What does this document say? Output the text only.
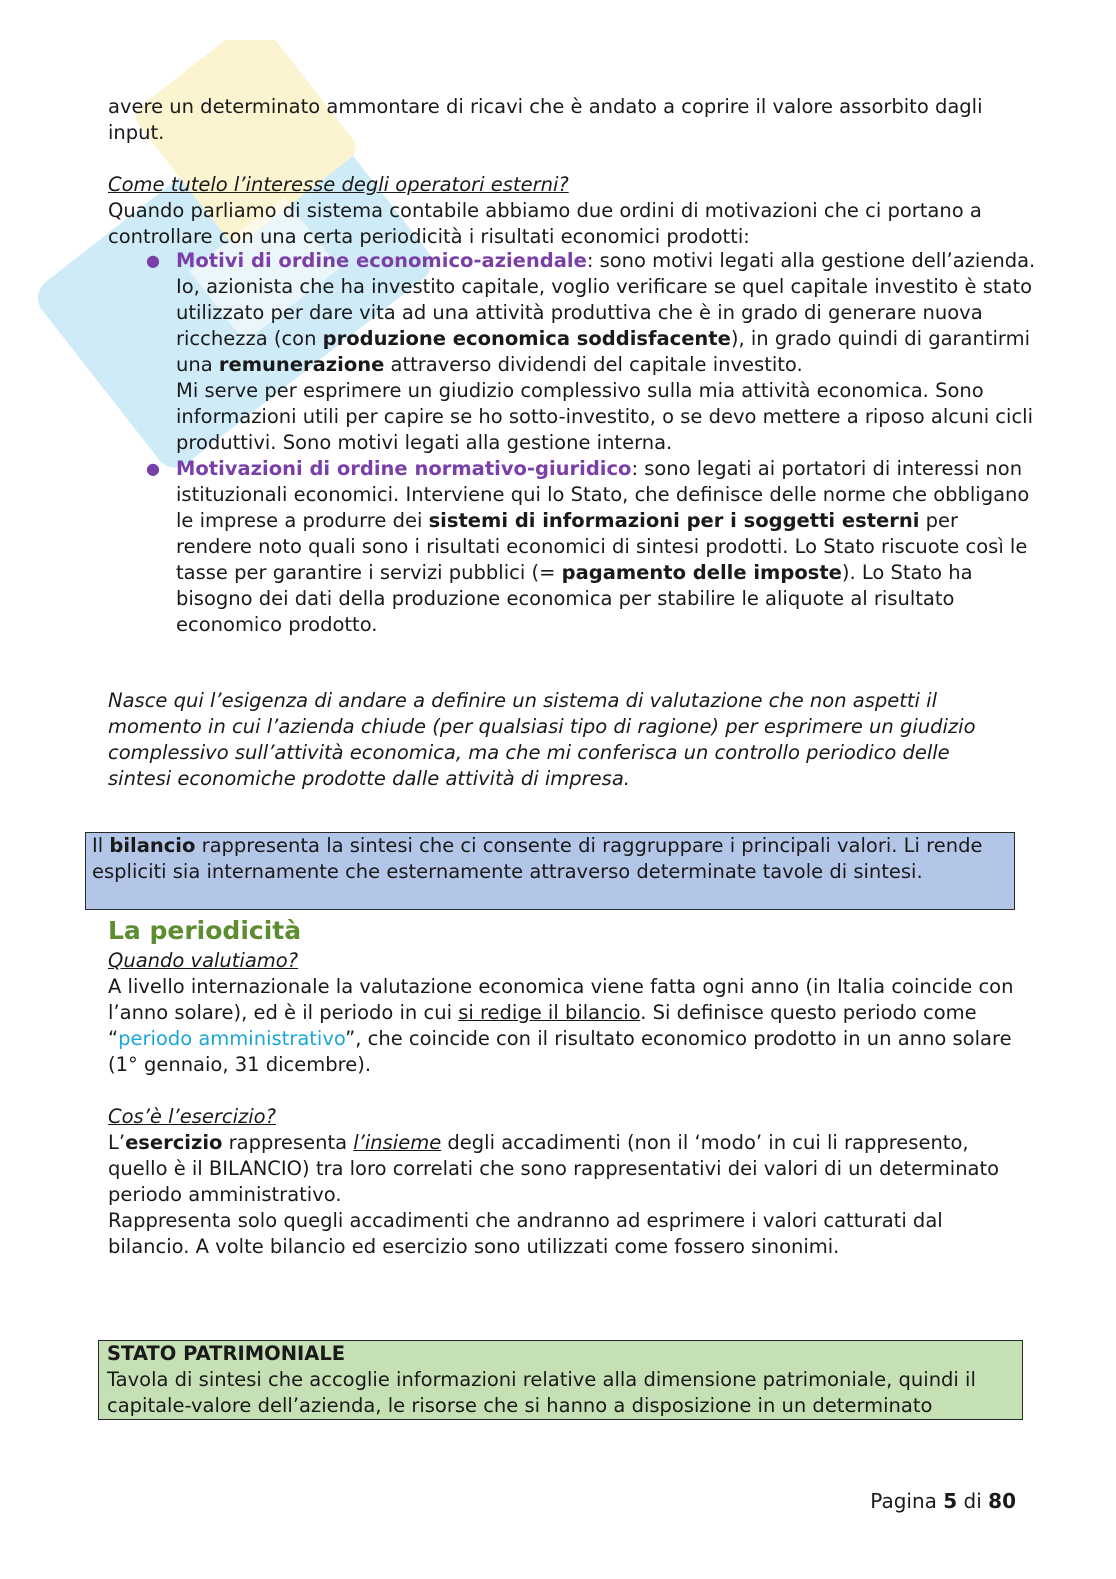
avere un determinato ammontare di ricavi che è andato a coprire il valore assorbito dagli input.

Come tutelo l’interesse degli operatori esterni?

Quando parliamo di sistema contabile abbiamo due ordini di motivazioni che ci portano a controllare con una certa periodicità i risultati economici prodotti:

● Motivi di ordine economico-aziendale: sono motivi legati alla gestione dell’azienda. Io, azionista che ha investito capitale, voglio verificare se quel capitale investito è stato utilizzato per dare vita ad una attività produttiva che è in grado di generare nuova ricchezza (con produzione economica soddisfacente), in grado quindi di garantirmi una remunerazione attraverso dividendi del capitale investito.

Mi serve per esprimere un giudizio complessivo sulla mia attività economica. Sono informazioni utili per capire se ho sotto-investito, o se devo mettere a riposo alcuni cicli produttivi. Sono motivi legati alla gestione interna.

● Motivazioni di ordine normativo-giuridico: sono legati ai portatori di interessi non istituzionali economici. Interviene qui lo Stato, che definisce delle norme che obbligano le imprese a produrre dei sistemi di informazioni per i soggetti esterni per rendere noto quali sono i risultati economici di sintesi prodotti. Lo Stato riscuote così le tasse per garantire i servizi pubblici (= pagamento delle imposte). Lo Stato ha bisogno dei dati della produzione economica per stabilire le aliquote al risultato economico prodotto.

Nasce qui l’esigenza di andare a definire un sistema di valutazione che non aspetti il momento in cui l’azienda chiude (per qualsiasi tipo di ragione) per esprimere un giudizio complessivo sull’attività economica, ma che mi conferisca un controllo periodico delle sintesi economiche prodotte dalle attività di impresa.

Il bilancio rappresenta la sintesi che ci consente di raggruppare i principali valori. Li rende espliciti sia internamente che esternamente attraverso determinate tavole di sintesi.

La periodicità

Quando valutiamo?

A livello internazionale la valutazione economica viene fatta ogni anno (in Italia coincide con l’anno solare), ed è il periodo in cui si redige il bilancio. Si definisce questo periodo come “periodo amministrativo”, che coincide con il risultato economico prodotto in un anno solare (1° gennaio, 31 dicembre).

Cos’è l’esercizio?

L’esercizio rappresenta l’insieme degli accadimenti (non il ‘modo’ in cui li rappresento, quello è il BILANCIO) tra loro correlati che sono rappresentativi dei valori di un determinato periodo amministrativo.

Rappresenta solo quegli accadimenti che andranno ad esprimere i valori catturati dal bilancio. A volte bilancio ed esercizio sono utilizzati come fossero sinonimi.

STATO PATRIMONIALE

Tavola di sintesi che accoglie informazioni relative alla dimensione patrimoniale, quindi il capitale-valore dell’azienda, le risorse che si hanno a disposizione in un determinato

Pagina 5 di 80
